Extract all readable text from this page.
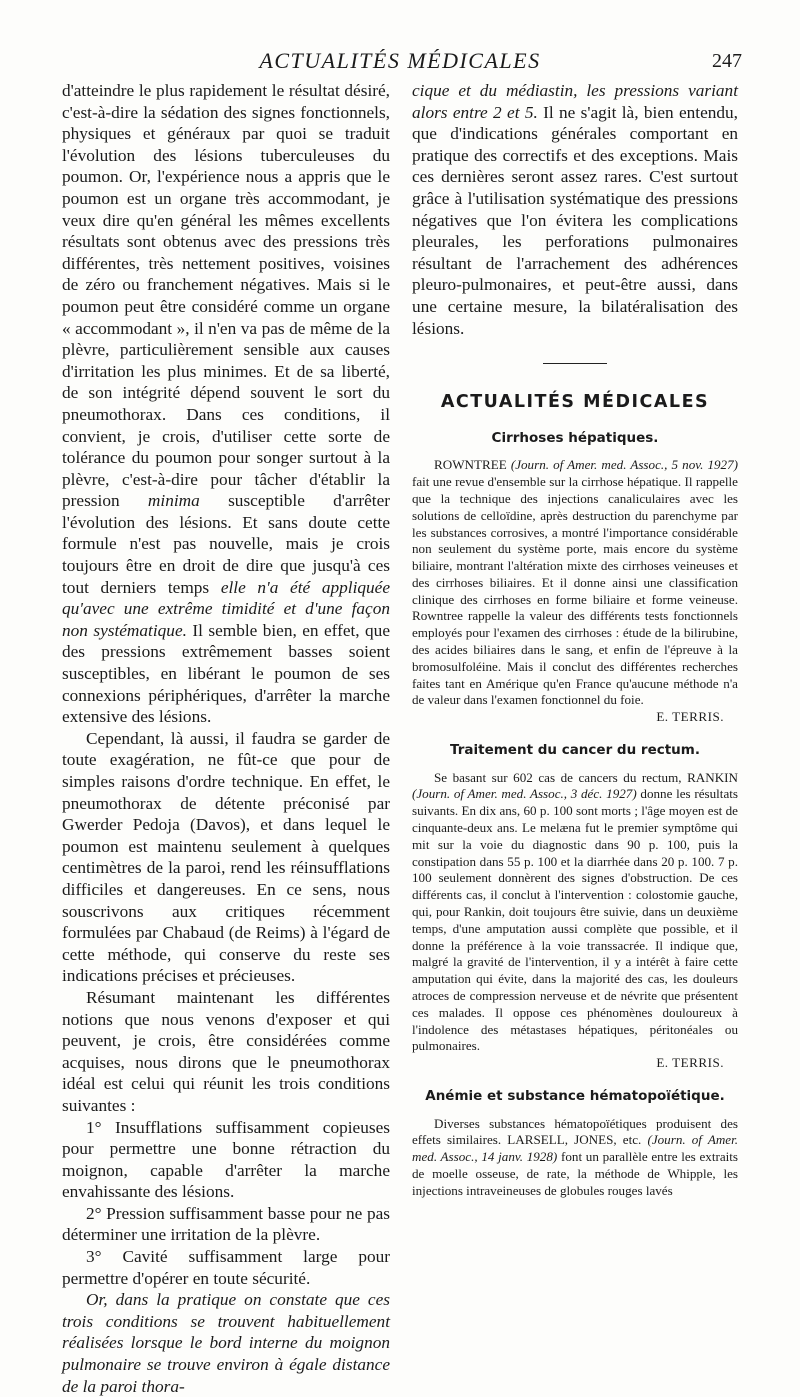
ACTUALITÉS MÉDICALES	247

d'atteindre le plus rapidement le résultat désiré, c'est-à-dire la sédation des signes fonctionnels, physiques et généraux par quoi se traduit l'évolution des lésions tuberculeuses du poumon. Or, l'expérience nous a appris que le poumon est un organe très accommodant, je veux dire qu'en général les mêmes excellents résultats sont obtenus avec des pressions très différentes, très nettement positives, voisines de zéro ou franchement négatives. Mais si le poumon peut être considéré comme un organe « accommodant », il n'en va pas de même de la plèvre, particulièrement sensible aux causes d'irritation les plus minimes. Et de sa liberté, de son intégrité dépend souvent le sort du pneumothorax. Dans ces conditions, il convient, je crois, d'utiliser cette sorte de tolérance du poumon pour songer surtout à la plèvre, c'est-à-dire pour tâcher d'établir la pression minima susceptible d'arrêter l'évolution des lésions. Et sans doute cette formule n'est pas nouvelle, mais je crois toujours être en droit de dire que jusqu'à ces tout derniers temps elle n'a été appliquée qu'avec une extrême timidité et d'une façon non systématique. Il semble bien, en effet, que des pressions extrêmement basses soient susceptibles, en libérant le poumon de ses connexions périphériques, d'arrêter la marche extensive des lésions.

Cependant, là aussi, il faudra se garder de toute exagération, ne fût-ce que pour de simples raisons d'ordre technique. En effet, le pneumothorax de détente préconisé par Gwerder Pedoja (Davos), et dans lequel le poumon est maintenu seulement à quelques centimètres de la paroi, rend les réinsufflations difficiles et dangereuses. En ce sens, nous souscrivons aux critiques récemment formulées par Chabaud (de Reims) à l'égard de cette méthode, qui conserve du reste ses indications précises et précieuses.

Résumant maintenant les différentes notions que nous venons d'exposer et qui peuvent, je crois, être considérées comme acquises, nous dirons que le pneumothorax idéal est celui qui réunit les trois conditions suivantes :

1° Insufflations suffisamment copieuses pour permettre une bonne rétraction du moignon, capable d'arrêter la marche envahissante des lésions.

2° Pression suffisamment basse pour ne pas déterminer une irritation de la plèvre.

3° Cavité suffisamment large pour permettre d'opérer en toute sécurité.

Or, dans la pratique on constate que ces trois conditions se trouvent habituellement réalisées lorsque le bord interne du moignon pulmonaire se trouve environ à égale distance de la paroi thora-

cique et du médiastin, les pressions variant alors entre 2 et 5. Il ne s'agit là, bien entendu, que d'indications générales comportant en pratique des correctifs et des exceptions. Mais ces dernières seront assez rares. C'est surtout grâce à l'utilisation systématique des pressions négatives que l'on évitera les complications pleurales, les perforations pulmonaires résultant de l'arrachement des adhérences pleuro-pulmonaires, et peut-être aussi, dans une certaine mesure, la bilatéralisation des lésions.

ACTUALITÉS MÉDICALES
Cirrhoses hépatiques.

ROWNTREE (Journ. of Amer. med. Assoc., 5 nov. 1927) fait une revue d'ensemble sur la cirrhose hépatique. Il rappelle que la technique des injections canaliculaires avec les solutions de celloïdine, après destruction du parenchyme par les substances corrosives, a montré l'importance considérable non seulement du système porte, mais encore du système biliaire, montrant l'altération mixte des cirrhoses veineuses et des cirrhoses biliaires. Et il donne ainsi une classification clinique des cirrhoses en forme biliaire et forme veineuse. Rowntree rappelle la valeur des différents tests fonctionnels employés pour l'examen des cirrhoses : étude de la bilirubine, des acides biliaires dans le sang, et enfin de l'épreuve à la bromosulfoléine. Mais il conclut des différentes recherches faites tant en Amérique qu'en France qu'aucune méthode n'a de valeur dans l'examen fonctionnel du foie.

E. TERRIS.
Traitement du cancer du rectum.

Se basant sur 602 cas de cancers du rectum, RANKIN (Journ. of Amer. med. Assoc., 3 déc. 1927) donne les résultats suivants. En dix ans, 60 p. 100 sont morts ; l'âge moyen est de cinquante-deux ans. Le melæna fut le premier symptôme qui mit sur la voie du diagnostic dans 90 p. 100, puis la constipation dans 55 p. 100 et la diarrhée dans 20 p. 100. 7 p. 100 seulement donnèrent des signes d'obstruction. De ces différents cas, il conclut à l'intervention : colostomie gauche, qui, pour Rankin, doit toujours être suivie, dans un deuxième temps, d'une amputation aussi complète que possible, et il donne la préférence à la voie transsacrée. Il indique que, malgré la gravité de l'intervention, il y a intérêt à faire cette amputation qui évite, dans la majorité des cas, les douleurs atroces de compression nerveuse et de névrite que présentent ces malades. Il oppose ces phénomènes douloureux à l'indolence des métastases hépatiques, péritonéales ou pulmonaires.

E. TERRIS.
Anémie et substance hématopoïétique.

Diverses substances hématopoïétiques produisent des effets similaires. LARSELL, JONES, etc. (Journ. of Amer. med. Assoc., 14 janv. 1928) font un parallèle entre les extraits de moelle osseuse, de rate, la méthode de Whipple, les injections intraveineuses de globules rouges lavés
